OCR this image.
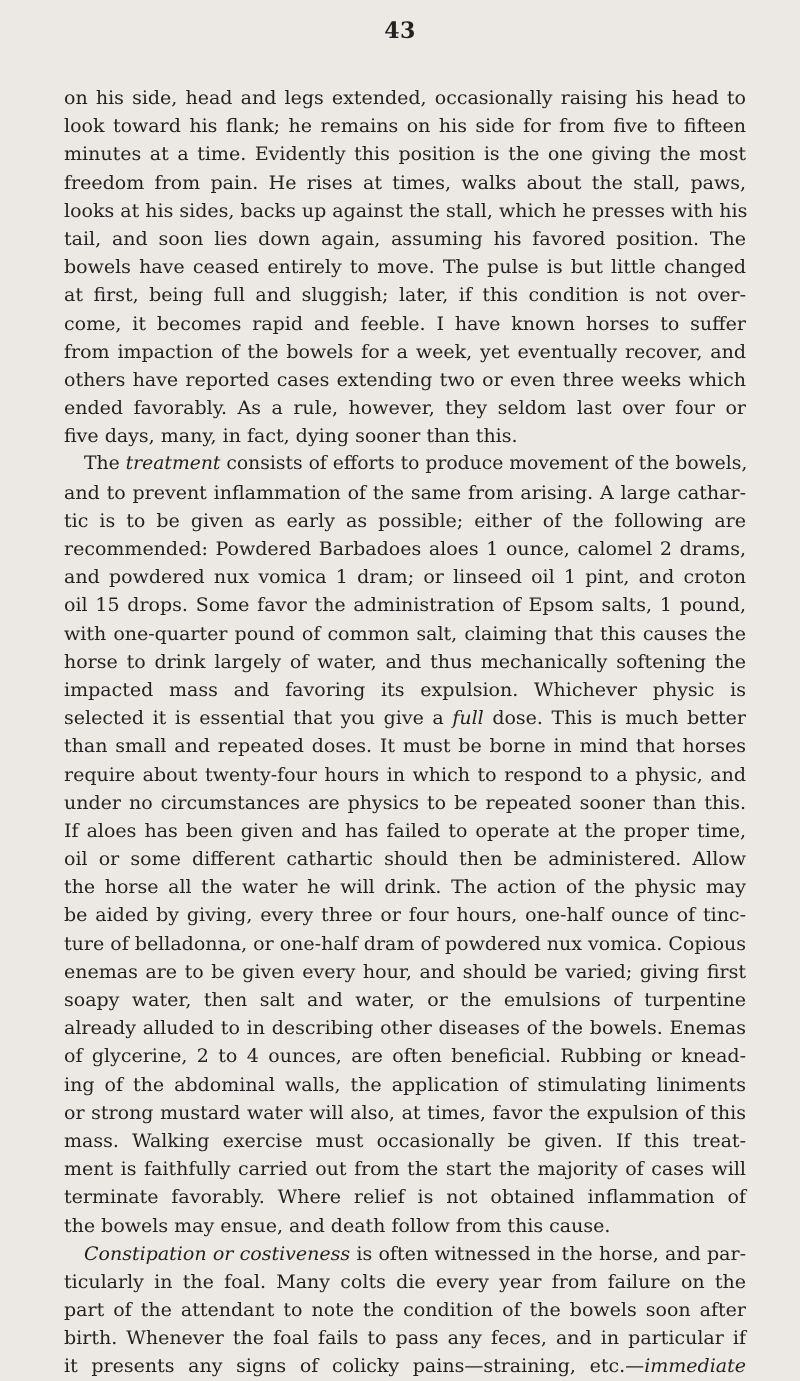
43
on his side, head and legs extended, occasionally raising his head to
look toward his flank; he remains on his side for from five to fifteen
minutes at a time. Evidently this position is the one giving the most
freedom from pain. He rises at times, walks about the stall, paws,
looks at his sides, backs up against the stall, which he presses with his
tail, and soon lies down again, assuming his favored position. The
bowels have ceased entirely to move. The pulse is but little changed
at first, being full and sluggish; later, if this condition is not over-
come, it becomes rapid and feeble. I have known horses to suffer
from impaction of the bowels for a week, yet eventually recover, and
others have reported cases extending two or even three weeks which
ended favorably. As a rule, however, they seldom last over four or
five days, many, in fact, dying sooner than this.
The treatment consists of efforts to produce movement of the bowels,
and to prevent inflammation of the same from arising. A large cathar-
tic is to be given as early as possible; either of the following are
recommended: Powdered Barbadoes aloes 1 ounce, calomel 2 drams,
and powdered nux vomica 1 dram; or linseed oil 1 pint, and croton
oil 15 drops. Some favor the administration of Epsom salts, 1 pound,
with one-quarter pound of common salt, claiming that this causes the
horse to drink largely of water, and thus mechanically softening the
impacted mass and favoring its expulsion. Whichever physic is
selected it is essential that you give a full dose. This is much better
than small and repeated doses. It must be borne in mind that horses
require about twenty-four hours in which to respond to a physic, and
under no circumstances are physics to be repeated sooner than this.
If aloes has been given and has failed to operate at the proper time,
oil or some different cathartic should then be administered. Allow
the horse all the water he will drink. The action of the physic may
be aided by giving, every three or four hours, one-half ounce of tinc-
ture of belladonna, or one-half dram of powdered nux vomica. Copious
enemas are to be given every hour, and should be varied; giving first
soapy water, then salt and water, or the emulsions of turpentine
already alluded to in describing other diseases of the bowels. Enemas
of glycerine, 2 to 4 ounces, are often beneficial. Rubbing or knead-
ing of the abdominal walls, the application of stimulating liniments
or strong mustard water will also, at times, favor the expulsion of this
mass. Walking exercise must occasionally be given. If this treat-
ment is faithfully carried out from the start the majority of cases will
terminate favorably. Where relief is not obtained inflammation of
the bowels may ensue, and death follow from this cause.
Constipation or costiveness is often witnessed in the horse, and par-
ticularly in the foal. Many colts die every year from failure on the
part of the attendant to note the condition of the bowels soon after
birth. Whenever the foal fails to pass any feces, and in particular if
it presents any signs of colicky pains—straining, etc.—immediate
